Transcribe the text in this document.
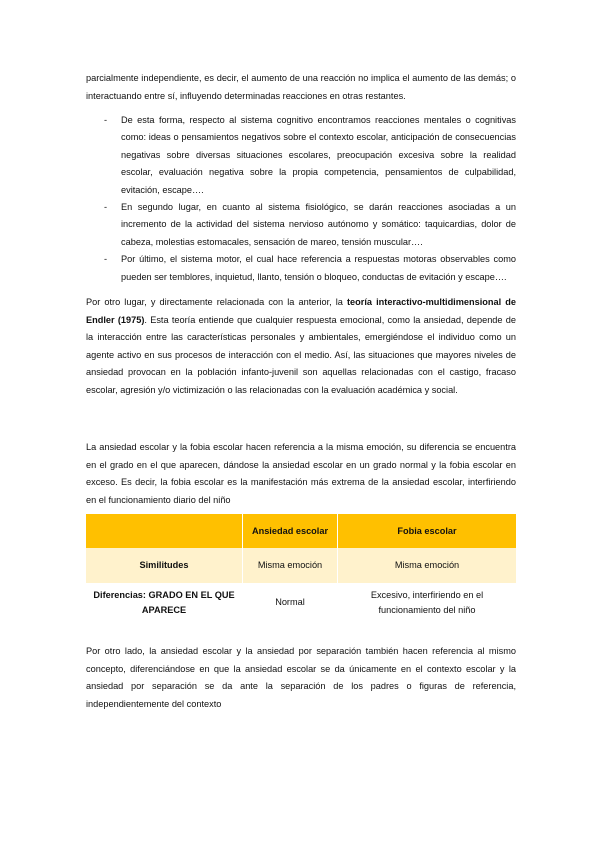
parcialmente independiente, es decir, el aumento de una reacción no implica el aumento de las demás; o interactuando entre sí, influyendo determinadas reacciones en otras restantes.

- De esta forma, respecto al sistema cognitivo encontramos reacciones mentales o cognitivas como: ideas o pensamientos negativos sobre el contexto escolar, anticipación de consecuencias negativas sobre diversas situaciones escolares, preocupación excesiva sobre la realidad escolar, evaluación negativa sobre la propia competencia, pensamientos de culpabilidad, evitación, escape….
- En segundo lugar, en cuanto al sistema fisiológico, se darán reacciones asociadas a un incremento de la actividad del sistema nervioso autónomo y somático: taquicardias, dolor de cabeza, molestias estomacales, sensación de mareo, tensión muscular….
- Por último, el sistema motor, el cual hace referencia a respuestas motoras observables como pueden ser temblores, inquietud, llanto, tensión o bloqueo, conductas de evitación y escape….

Por otro lugar, y directamente relacionada con la anterior, la teoría interactivo-multidimensional de Endler (1975). Esta teoría entiende que cualquier respuesta emocional, como la ansiedad, depende de la interacción entre las características personales y ambientales, emergiéndose el individuo como un agente activo en sus procesos de interacción con el medio. Así, las situaciones que mayores niveles de ansiedad provocan en la población infanto-juvenil son aquellas relacionadas con el castigo, fracaso escolar, agresión y/o victimización o las relacionadas con la evaluación académica y social.

La ansiedad escolar y la fobia escolar hacen referencia a la misma emoción, su diferencia se encuentra en el grado en el que aparecen, dándose la ansiedad escolar en un grado normal y la fobia escolar en exceso. Es decir, la fobia escolar es la manifestación más extrema de la ansiedad escolar, interfiriendo en el funcionamiento diario del niño

	Ansiedad escolar	Fobia escolar
Similitudes	Misma emoción	Misma emoción
Diferencias: GRADO EN EL QUE APARECE	Normal	Excesivo, interfiriendo en el funcionamiento del niño

Por otro lado, la ansiedad escolar y la ansiedad por separación también hacen referencia al mismo concepto, diferenciándose en que la ansiedad escolar se da únicamente en el contexto escolar y la ansiedad por separación se da ante la separación de los padres o figuras de referencia, independientemente del contexto
